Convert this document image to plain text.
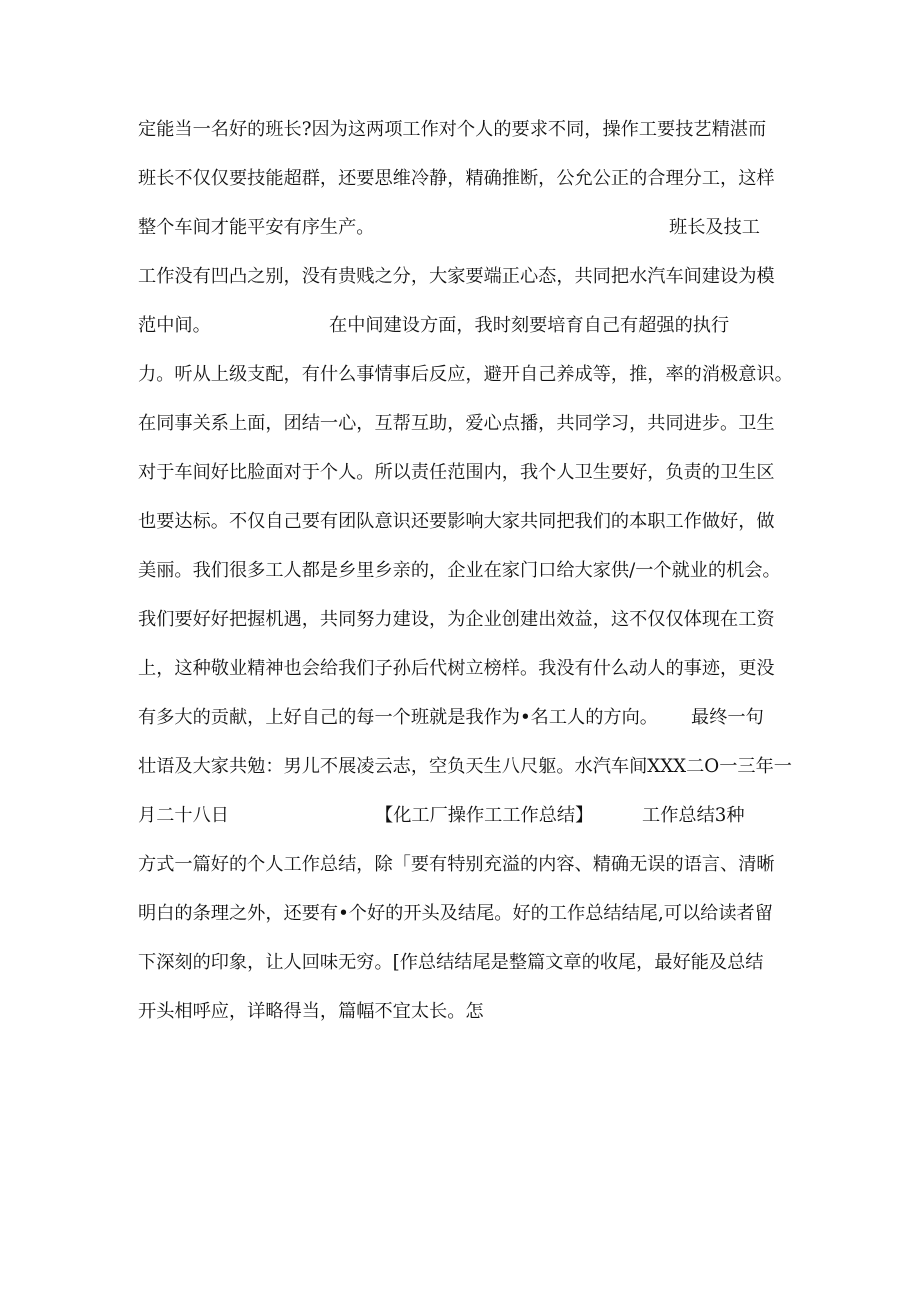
定能当一名好的班长?因为这两项工作对个人的要求不同，操作工要技艺精湛而
班长不仅仅要技能超群，还要思维冷静，精确推断，公允公正的合理分工，这样
整个车间才能平安有序生产。	班长及技工
工作没有凹凸之别，没有贵贱之分，大家要端正心态，共同把水汽车间建设为模
范中间。	在中间建设方面，我时刻要培育自己有超强的执行
力。听从上级支配，有什么事情事后反应，避开自己养成等，推，率的消极意识。
在同事关系上面，团结一心，互帮互助，爱心点播，共同学习，共同进步。卫生
对于车间好比脸面对于个人。所以责任范围内，我个人卫生要好，负责的卫生区
也要达标。不仅自己要有团队意识还要影响大家共同把我们的本职工作做好，做
美丽。我们很多工人都是乡里乡亲的，企业在家门口给大家供/一个就业的机会。
我们要好好把握机遇，共同努力建设，为企业创建出效益，这不仅仅体现在工资
上，这种敬业精神也会给我们子孙后代树立榜样。我没有什么动人的事迹，更没
有多大的贡献，上好自己的每一个班就是我作为•名工人的方向。 最终一句
壮语及大家共勉：男儿不展凌云志，空负天生八尺躯。水汽车间XXX二O一三年一
月二十八日	【化工厂操作工工作总结】	工作总结3种
方式一篇好的个人工作总结，除「要有特别充溢的内容、精确无误的语言、清晰
明白的条理之外，还要有•个好的开头及结尾。好的工作总结结尾,可以给读者留
下深刻的印象，让人回味无穷。[作总结结尾是整篇文章的收尾，最好能及总结
开头相呼应，详略得当，篇幅不宜太长。怎
